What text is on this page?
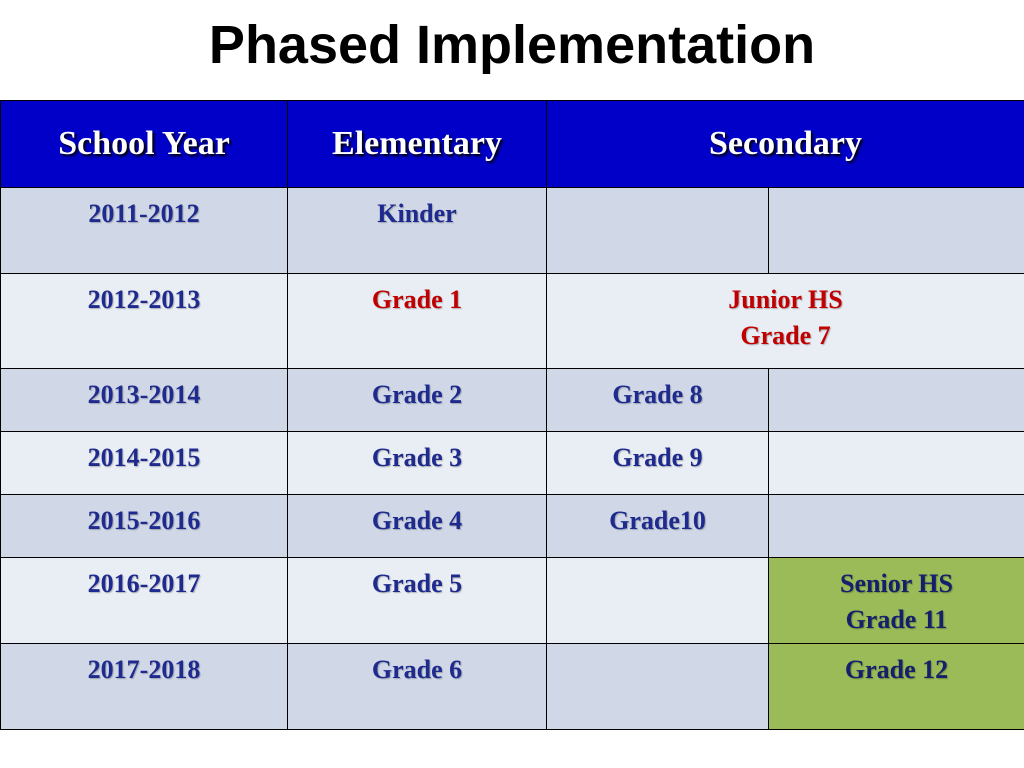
Phased Implementation
School Year	Elementary	Secondary	
2011-2012	Kinder		
2012-2013	Grade 1	Junior HS
Grade 7	

2013-2014	Grade 2	Grade 8	
2014-2015	Grade 3	Grade 9	
2015-2016	Grade 4	Grade10	
2016-2017	Grade 5		Senior HS
Grade 11

2017-2018	Grade 6		Grade 12
